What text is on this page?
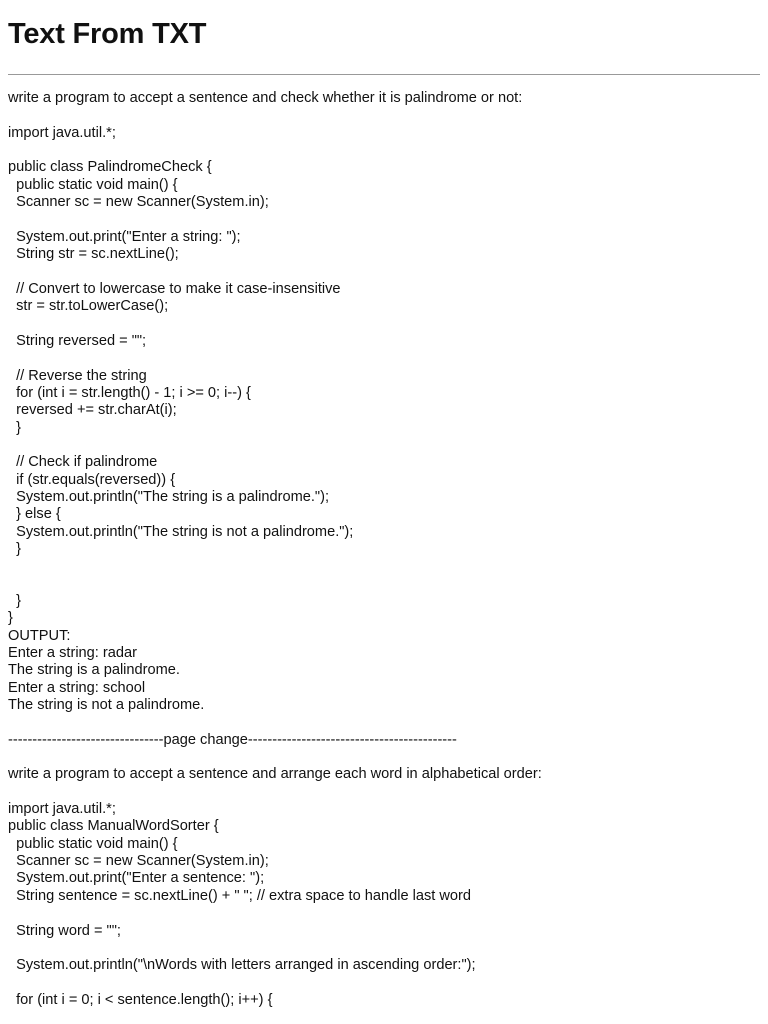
Text From TXT
write a program to accept a sentence and check whether it is palindrome or not:
import java.util.*;
public class PalindromeCheck {
public static void main() {
Scanner sc = new Scanner(System.in);
System.out.print("Enter a string: ");
String str = sc.nextLine();
// Convert to lowercase to make it case-insensitive
str = str.toLowerCase();
String reversed = "";
// Reverse the string
for (int i = str.length() - 1; i >= 0; i--) {
reversed += str.charAt(i);
}
// Check if palindrome
if (str.equals(reversed)) {
System.out.println("The string is a palindrome.");
} else {
System.out.println("The string is not a palindrome.");
}
}
}
OUTPUT:
Enter a string: radar
The string is a palindrome.
Enter a string: school
The string is not a palindrome.
--------------------------------page change-------------------------------------------
write a program to accept a sentence and arrange each word in alphabetical order:
import java.util.*;
public class ManualWordSorter {
public static void main() {
Scanner sc = new Scanner(System.in);
System.out.print("Enter a sentence: ");
String sentence = sc.nextLine() + " "; // extra space to handle last word
String word = "";
System.out.println("\nWords with letters arranged in ascending order:");
for (int i = 0; i < sentence.length(); i++) {
